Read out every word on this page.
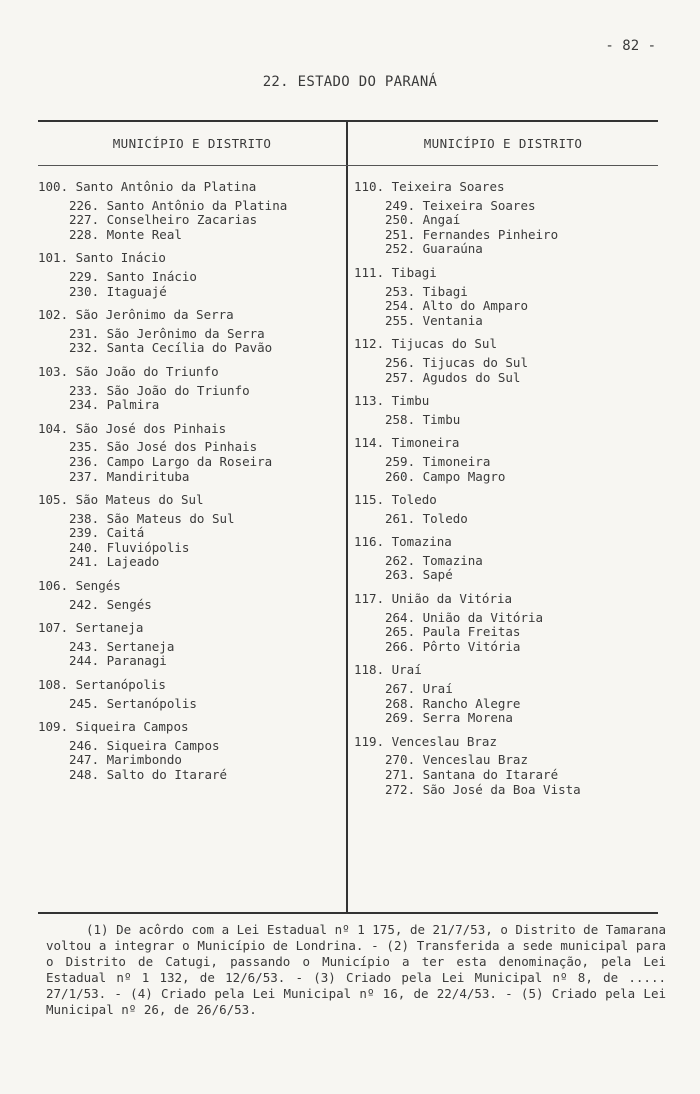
- 82 -
22. ESTADO DO PARANÁ
MUNICÍPIO E DISTRITO	MUNICÍPIO E DISTRITO
100. Santo Antônio da Platina
226. Santo Antônio da Platina
227. Conselheiro Zacarias
228. Monte Real
101. Santo Inácio
229. Santo Inácio
230. Itaguajé
102. São Jerônimo da Serra
231. São Jerônimo da Serra
232. Santa Cecília do Pavão
103. São João do Triunfo
233. São João do Triunfo
234. Palmira
104. São José dos Pinhais
235. São José dos Pinhais
236. Campo Largo da Roseira
237. Mandirituba
105. São Mateus do Sul
238. São Mateus do Sul
239. Caitá
240. Fluviópolis
241. Lajeado
106. Sengés
242. Sengés
107. Sertaneja
243. Sertaneja
244. Paranagi
108. Sertanópolis
245. Sertanópolis
109. Siqueira Campos
246. Siqueira Campos
247. Marimbondo
248. Salto do Itararé
110. Teixeira Soares
249. Teixeira Soares
250. Angaí
251. Fernandes Pinheiro
252. Guaraúna
111. Tibagi
253. Tibagi
254. Alto do Amparo
255. Ventania
112. Tijucas do Sul
256. Tijucas do Sul
257. Agudos do Sul
113. Timbu
258. Timbu
114. Timoneira
259. Timoneira
260. Campo Magro
115. Toledo
261. Toledo
116. Tomazina
262. Tomazina
263. Sapé
117. União da Vitória
264. União da Vitória
265. Paula Freitas
266. Pôrto Vitória
118. Uraí
267. Uraí
268. Rancho Alegre
269. Serra Morena
119. Venceslau Braz
270. Venceslau Braz
271. Santana do Itararé
272. São José da Boa Vista
(1) De acôrdo com a Lei Estadual nº 1 175, de 21/7/53, o Distrito de Tamarana voltou a integrar o Município de Londrina. - (2) Transferida a sede municipal para o Distrito de Catugi, passando o Município a ter esta denominação, pela Lei Estadual nº 1 132, de 12/6/53. - (3) Criado pela Lei Municipal nº 8, de ..... 27/1/53. - (4) Criado pela Lei Municipal nº 16, de 22/4/53. - (5) Criado pela Lei Municipal nº 26, de 26/6/53.
